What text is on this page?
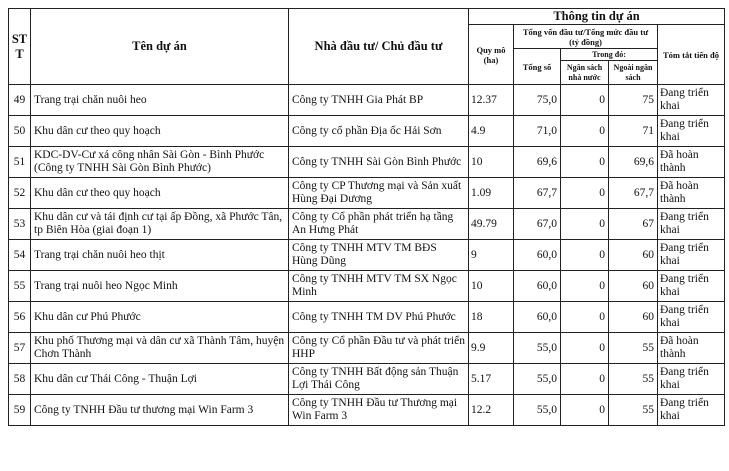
STT	Tên dự án	Nhà đầu tư/ Chủ đầu tư	Thông tin dự án				
			Quy mô (ha)	Tổng vốn đầu tư/Tổng mức đầu tư (tỷ đồng)			Tóm tắt tiến độ
				Tổng số	Trong đó:		
					Ngân sách nhà nước	Ngoài ngân sách	
49	Trang trại chăn nuôi heo	Công ty TNHH Gia Phát BP	12.37	75,0	0	75	Đang triển khai
50	Khu dân cư theo quy hoạch	Công ty cổ phần Địa ốc Hải Sơn	4.9	71,0	0	71	Đang triển khai
51	KDC-DV-Cư xá công nhân Sài Gòn - Bình Phước (Công ty TNHH Sài Gòn Bình Phước)	Công ty TNHH Sài Gòn Bình Phước	10	69,6	0	69,6	Đã hoàn thành
52	Khu dân cư theo quy hoạch	Công ty CP Thương mại và Sản xuất Hùng Đại Dương	1.09	67,7	0	67,7	Đã hoàn thành
53	Khu dân cư và tái định cư tại ấp Đồng, xã Phước Tân, tp Biên Hòa (giai đoạn 1)	Công ty Cổ phần phát triển hạ tầng An Hưng Phát	49.79	67,0	0	67	Đang triển khai
54	Trang trại chăn nuôi heo thịt	Công ty TNHH MTV TM BĐS Hùng Dũng	9	60,0	0	60	Đang triển khai
55	Trang trại nuôi heo Ngọc Minh	Công ty TNHH MTV TM SX Ngọc Minh	10	60,0	0	60	Đang triển khai
56	Khu dân cư Phú Phước	Công ty TNHH TM DV Phú Phước	18	60,0	0	60	Đang triển khai
57	Khu phố Thương mại và dân cư xã Thành Tâm, huyện Chơn Thành	Công ty Cổ phần Đầu tư và phát triển HHP	9.9	55,0	0	55	Đã hoàn thành
58	Khu dân cư Thái Công - Thuận Lợi	Công ty TNHH Bất động sản Thuận Lợi Thái Công	5.17	55,0	0	55	Đang triển khai
59	Công ty TNHH Đầu tư thương mại Win Farm 3	Công ty TNHH Đầu tư Thương mại Win Farm 3	12.2	55,0	0	55	Đang triển khai
